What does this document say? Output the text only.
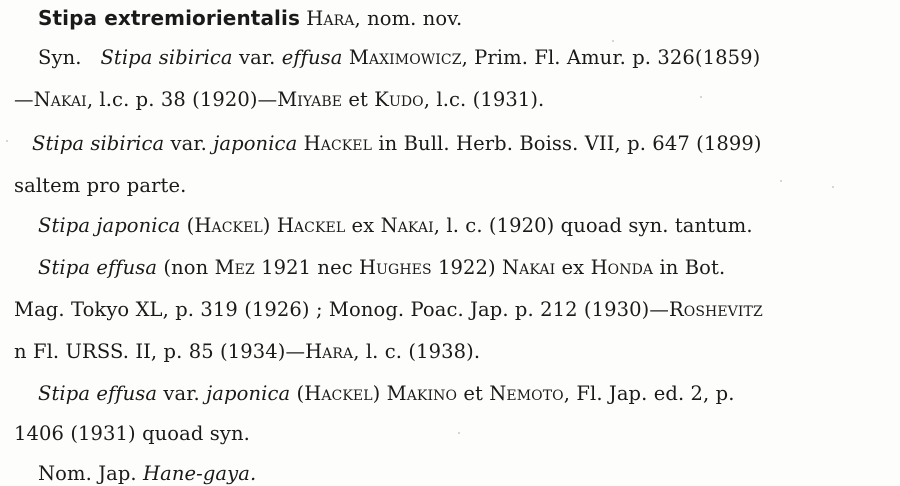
Stipa extremiorientalis Hara, nom. nov.
Syn. Stipa sibirica var. effusa Maximowicz, Prim. Fl. Amur. p. 326(1859)
—Nakai, l.c. p. 38 (1920)—Miyabe et Kudo, l.c. (1931).
Stipa sibirica var. japonica Hackel in Bull. Herb. Boiss. VII, p. 647 (1899)
saltem pro parte.
Stipa japonica (Hackel) Hackel ex Nakai, l. c. (1920) quoad syn. tantum.
Stipa effusa (non Mez 1921 nec Hughes 1922) Nakai ex Honda in Bot.
Mag. Tokyo XL, p. 319 (1926) ; Monog. Poac. Jap. p. 212 (1930)—Roshevitz
n Fl. URSS. II, p. 85 (1934)—Hara, l. c. (1938).
Stipa effusa var. japonica (Hackel) Makino et Nemoto, Fl. Jap. ed. 2, p.
1406 (1931) quoad syn.
Nom. Jap. Hane-gaya.
